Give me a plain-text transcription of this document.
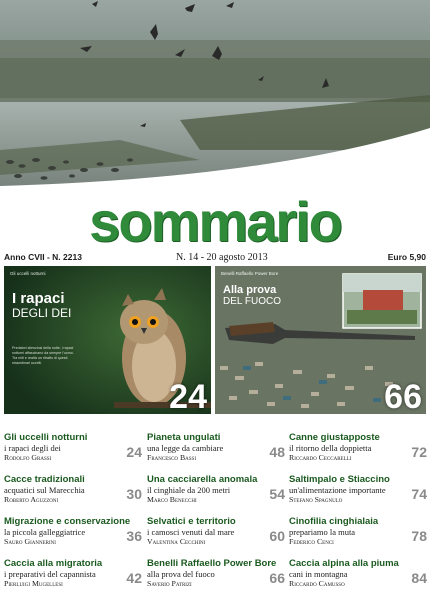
sommario
Anno CVII - N. 2213	N. 14 - 20 agosto 2013	Euro 5,90
Gli uccelli notturni
I rapaci
DEGLI DEI
Predatori silenziosi della notte, i rapaci notturni affascinano da sempre l'uomo. Tra miti e realtà un ritratto di questi straordinari uccelli.
24
Benelli Raffaello Power Bore
Alla prova
DEL FUOCO
66
Gli uccelli notturni
i rapaci degli dei
Rodolfo Grassi	24
Cacce tradizionali
acquatici sul Marecchia
Roberto Aguzzoni	30
Migrazione e conservazione
la piccola galleggiatrice
Sauro Giannerini	36
Caccia alla migratoria
i preparativi del capannista
Pierluigi Mugellesi	42
Pianeta ungulati
una legge da cambiare
Francesco Bassi	48
Una cacciarella anomala
il cinghiale da 200 metri
Marco Benecchi	54
Selvatici e territorio
i camosci venuti dal mare
Valentina Cecchini	60
Benelli Raffaello Power Bore
alla prova del fuoco
Saverio Patrizi	66
Canne giustapposte
il ritorno della doppietta
Riccardo Ceccarelli	72
Saltimpalo e Stiaccino
un'alimentazione importante
Stefano Spagnulo	74
Cinofilia cinghialaia
prepariamo la muta
Federico Cenci	78
Caccia alpina alla piuma
cani in montagna
Riccardo Camusso	84
